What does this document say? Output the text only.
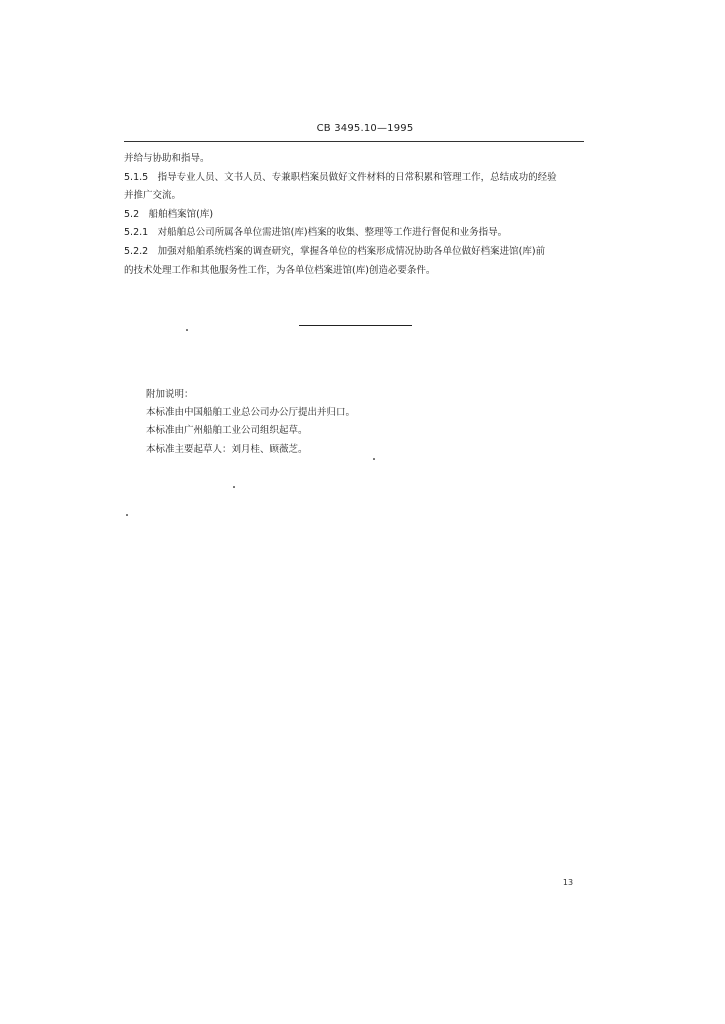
CB 3495.10—1995
并给与协助和指导。
5.1.5　指导专业人员、文书人员、专兼职档案员做好文件材料的日常积累和管理工作，总结成功的经验
并推广交流。
5.2　船舶档案馆(库)
5.2.1　对船舶总公司所属各单位需进馆(库)档案的收集、整理等工作进行督促和业务指导。
5.2.2　加强对船舶系统档案的调查研究，掌握各单位的档案形成情况协助各单位做好档案进馆(库)前
的技术处理工作和其他服务性工作，为各单位档案进馆(库)创造必要条件。
附加说明：
本标准由中国船舶工业总公司办公厅提出并归口。
本标准由广州船舶工业公司组织起草。
本标准主要起草人：刘月桂、顾薇芝。
13
